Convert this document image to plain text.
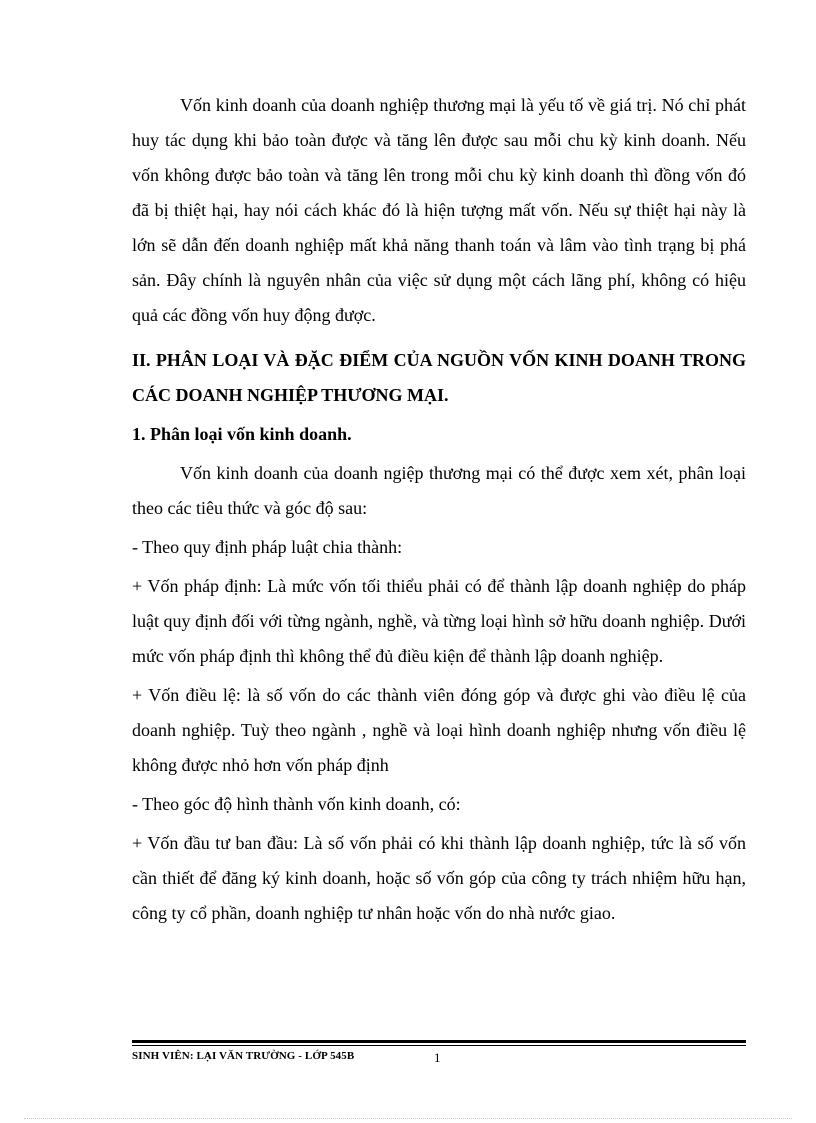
Vốn kinh doanh của doanh nghiệp thương mại là yếu tố về giá trị. Nó chỉ phát huy tác dụng khi bảo toàn được và tăng lên được sau mỗi chu kỳ kinh doanh. Nếu vốn không được bảo toàn và tăng lên trong mỗi chu kỳ kinh doanh thì đồng vốn đó đã bị thiệt hại, hay nói cách khác đó là hiện tượng mất vốn. Nếu sự thiệt hại này là lớn sẽ dẫn đến doanh nghiệp mất khả năng thanh toán và lâm vào tình trạng bị phá sản. Đây chính là nguyên nhân của việc sử dụng một cách lãng phí, không có hiệu quả các đồng vốn huy động được.

II. PHÂN LOẠI VÀ ĐẶC ĐIỂM CỦA NGUỒN VỐN KINH DOANH TRONG CÁC DOANH NGHIỆP THƯƠNG MẠI.

1. Phân loại vốn kinh doanh.

Vốn kinh doanh của doanh ngiệp thương mại có thể được xem xét, phân loại theo các tiêu thức và góc độ sau:

- Theo quy định pháp luật chia thành:

+ Vốn pháp định: Là mức vốn tối thiểu phải có để thành lập doanh nghiệp do pháp luật quy định đối với từng ngành, nghề, và từng loại hình sở hữu doanh nghiệp. Dưới mức vốn pháp định thì không thể đủ điều kiện để thành lập doanh nghiệp.

+ Vốn điều lệ: là số vốn do các thành viên đóng góp và được ghi vào điều lệ của doanh nghiệp. Tuỳ theo ngành , nghề và loại hình doanh nghiệp nhưng vốn điều lệ không được nhỏ hơn vốn pháp định

- Theo góc độ hình thành vốn kinh doanh, có:

+ Vốn đầu tư ban đầu: Là số vốn phải có khi thành lập doanh nghiệp, tức là số vốn cần thiết để đăng ký kinh doanh, hoặc số vốn góp của công ty trách nhiệm hữu hạn, công ty cổ phần, doanh nghiệp tư nhân hoặc vốn do nhà nước giao.

SINH VIÊN: LẠI VĂN TRƯỜNG - LỚP 545B	1
